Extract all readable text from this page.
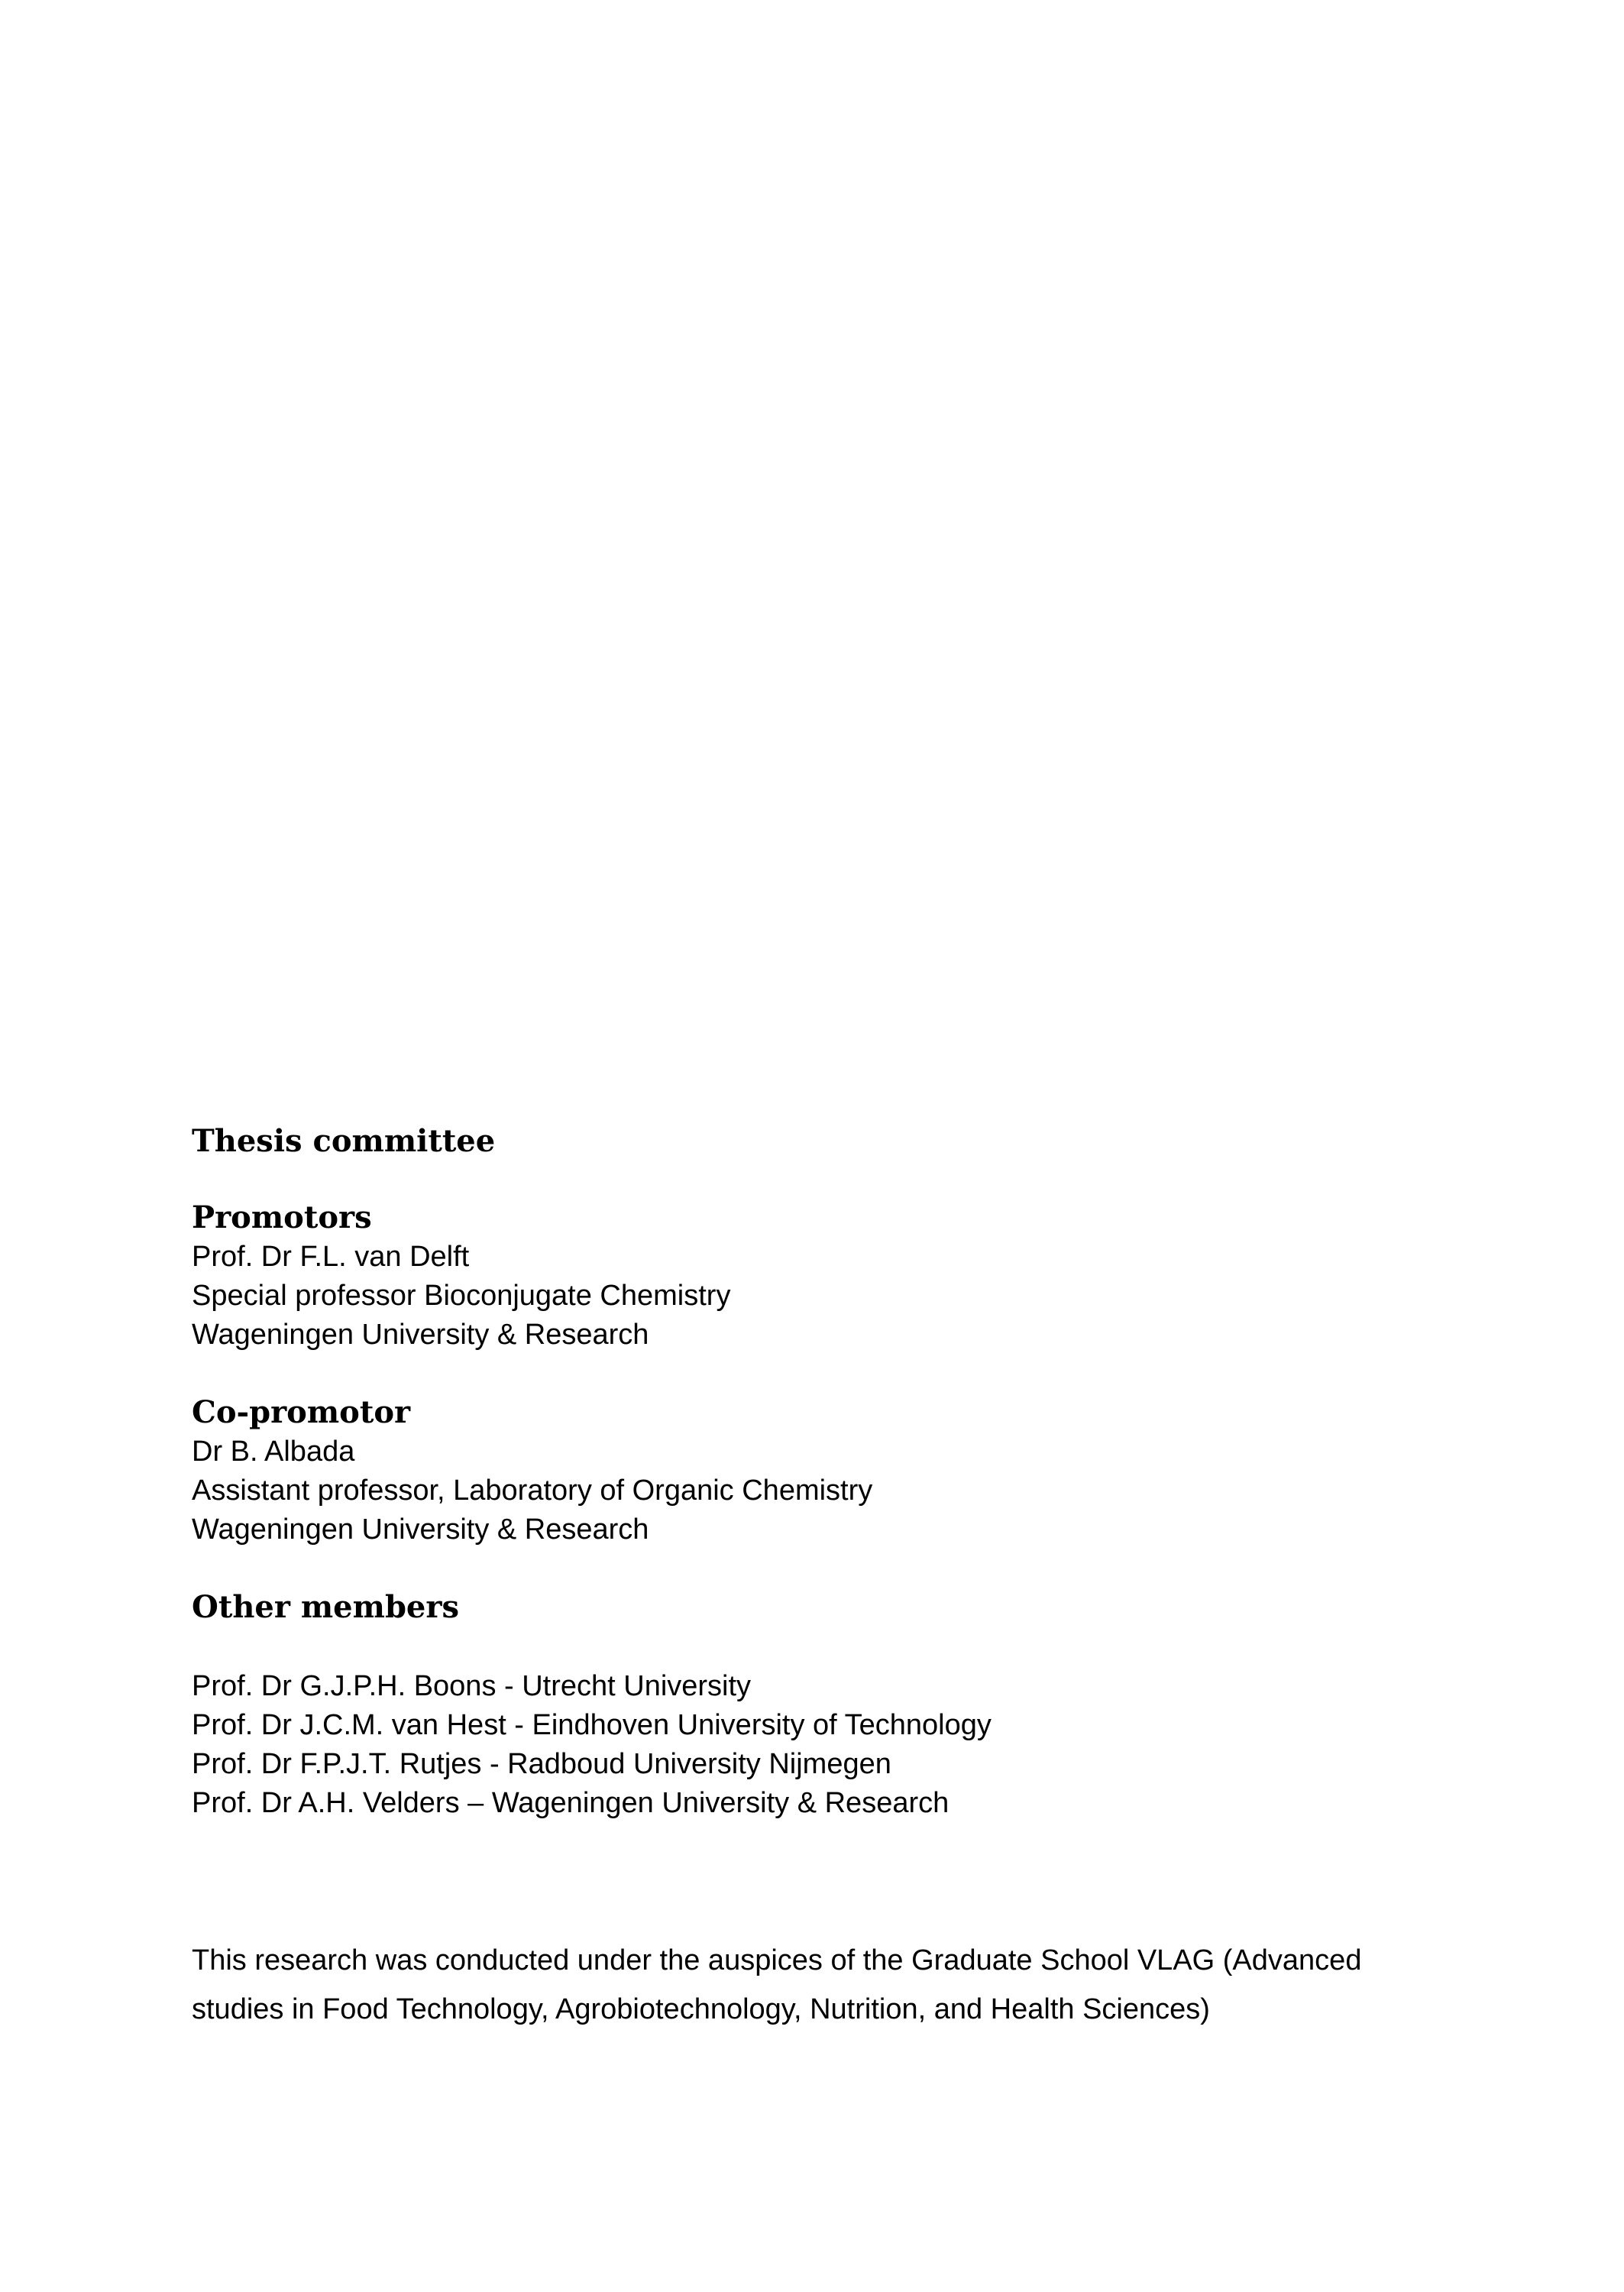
Thesis committee

Promotors

Prof. Dr F.L. van Delft

Special professor Bioconjugate Chemistry

Wageningen University & Research

Co-promotor

Dr B. Albada

Assistant professor, Laboratory of Organic Chemistry

Wageningen University & Research

Other members

Prof. Dr G.J.P.H. Boons - Utrecht University

Prof. Dr J.C.M. van Hest - Eindhoven University of Technology

Prof. Dr F.P.J.T. Rutjes - Radboud University Nijmegen

Prof. Dr A.H. Velders – Wageningen University & Research

This research was conducted under the auspices of the Graduate School VLAG (Advanced

studies in Food Technology, Agrobiotechnology, Nutrition, and Health Sciences)
